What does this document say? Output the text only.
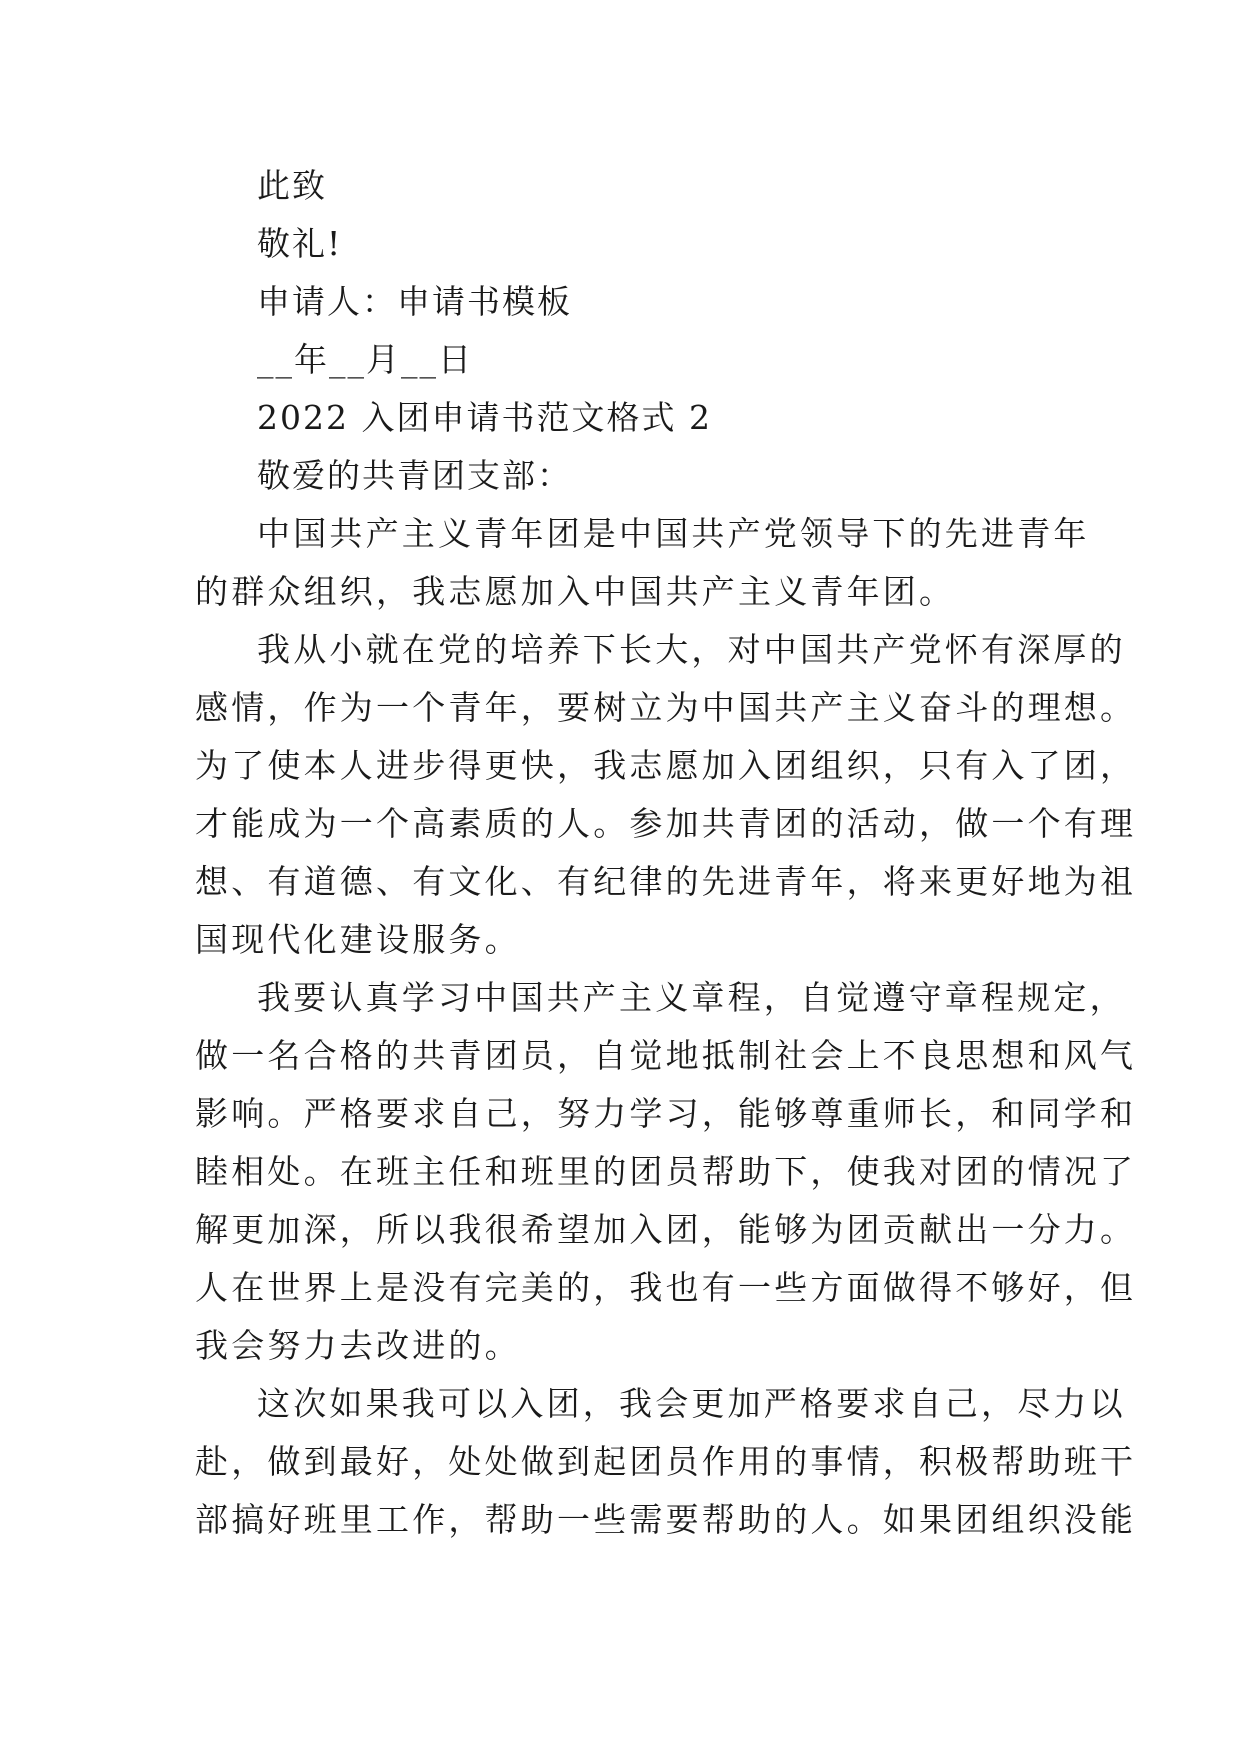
此致
敬礼!
申请人：申请书模板
__年__月__日
2022 入团申请书范文格式 2
敬爱的共青团支部：
中国共产主义青年团是中国共产党领导下的先进青年
的群众组织，我志愿加入中国共产主义青年团。
我从小就在党的培养下长大，对中国共产党怀有深厚的
感情，作为一个青年，要树立为中国共产主义奋斗的理想。
为了使本人进步得更快，我志愿加入团组织，只有入了团，
才能成为一个高素质的人。参加共青团的活动，做一个有理
想、有道德、有文化、有纪律的先进青年，将来更好地为祖
国现代化建设服务。
我要认真学习中国共产主义章程，自觉遵守章程规定，
做一名合格的共青团员，自觉地抵制社会上不良思想和风气
影响。严格要求自己，努力学习，能够尊重师长，和同学和
睦相处。在班主任和班里的团员帮助下，使我对团的情况了
解更加深，所以我很希望加入团，能够为团贡献出一分力。
人在世界上是没有完美的，我也有一些方面做得不够好，但
我会努力去改进的。
这次如果我可以入团，我会更加严格要求自己，尽力以
赴，做到最好，处处做到起团员作用的事情，积极帮助班干
部搞好班里工作，帮助一些需要帮助的人。如果团组织没能
